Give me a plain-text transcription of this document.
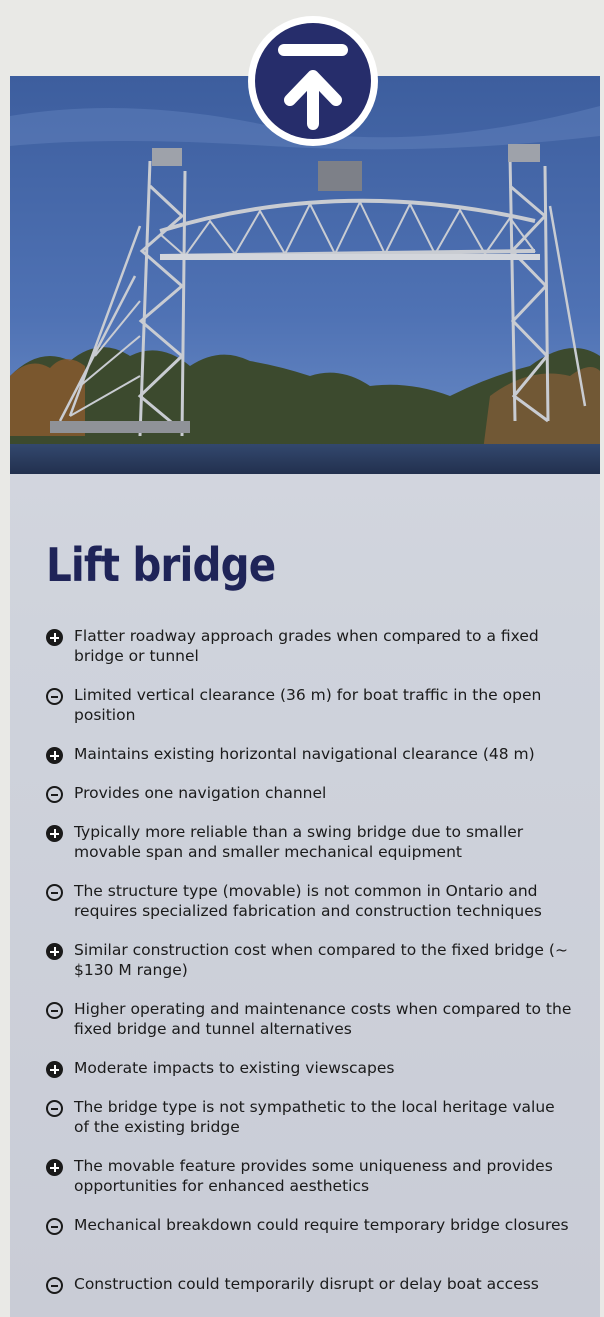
Lift bridge
Flatter roadway approach grades when compared to a fixed bridge or tunnel
Limited vertical clearance (36 m) for boat traffic in the open position
Maintains existing horizontal navigational clearance (48 m)
Provides one navigation channel
Typically more reliable than a swing bridge due to smaller movable span and smaller mechanical equipment
The structure type (movable) is not common in Ontario and requires specialized fabrication and construction techniques
Similar construction cost when compared to the fixed bridge (~ $130 M range)
Higher operating and maintenance costs when compared to the fixed bridge and tunnel alternatives
Moderate impacts to existing viewscapes
The bridge type is not sympathetic to the local heritage value of the existing bridge
The movable feature provides some uniqueness and provides opportunities for enhanced aesthetics
Mechanical breakdown could require temporary bridge closures
Construction could temporarily disrupt or delay boat access
